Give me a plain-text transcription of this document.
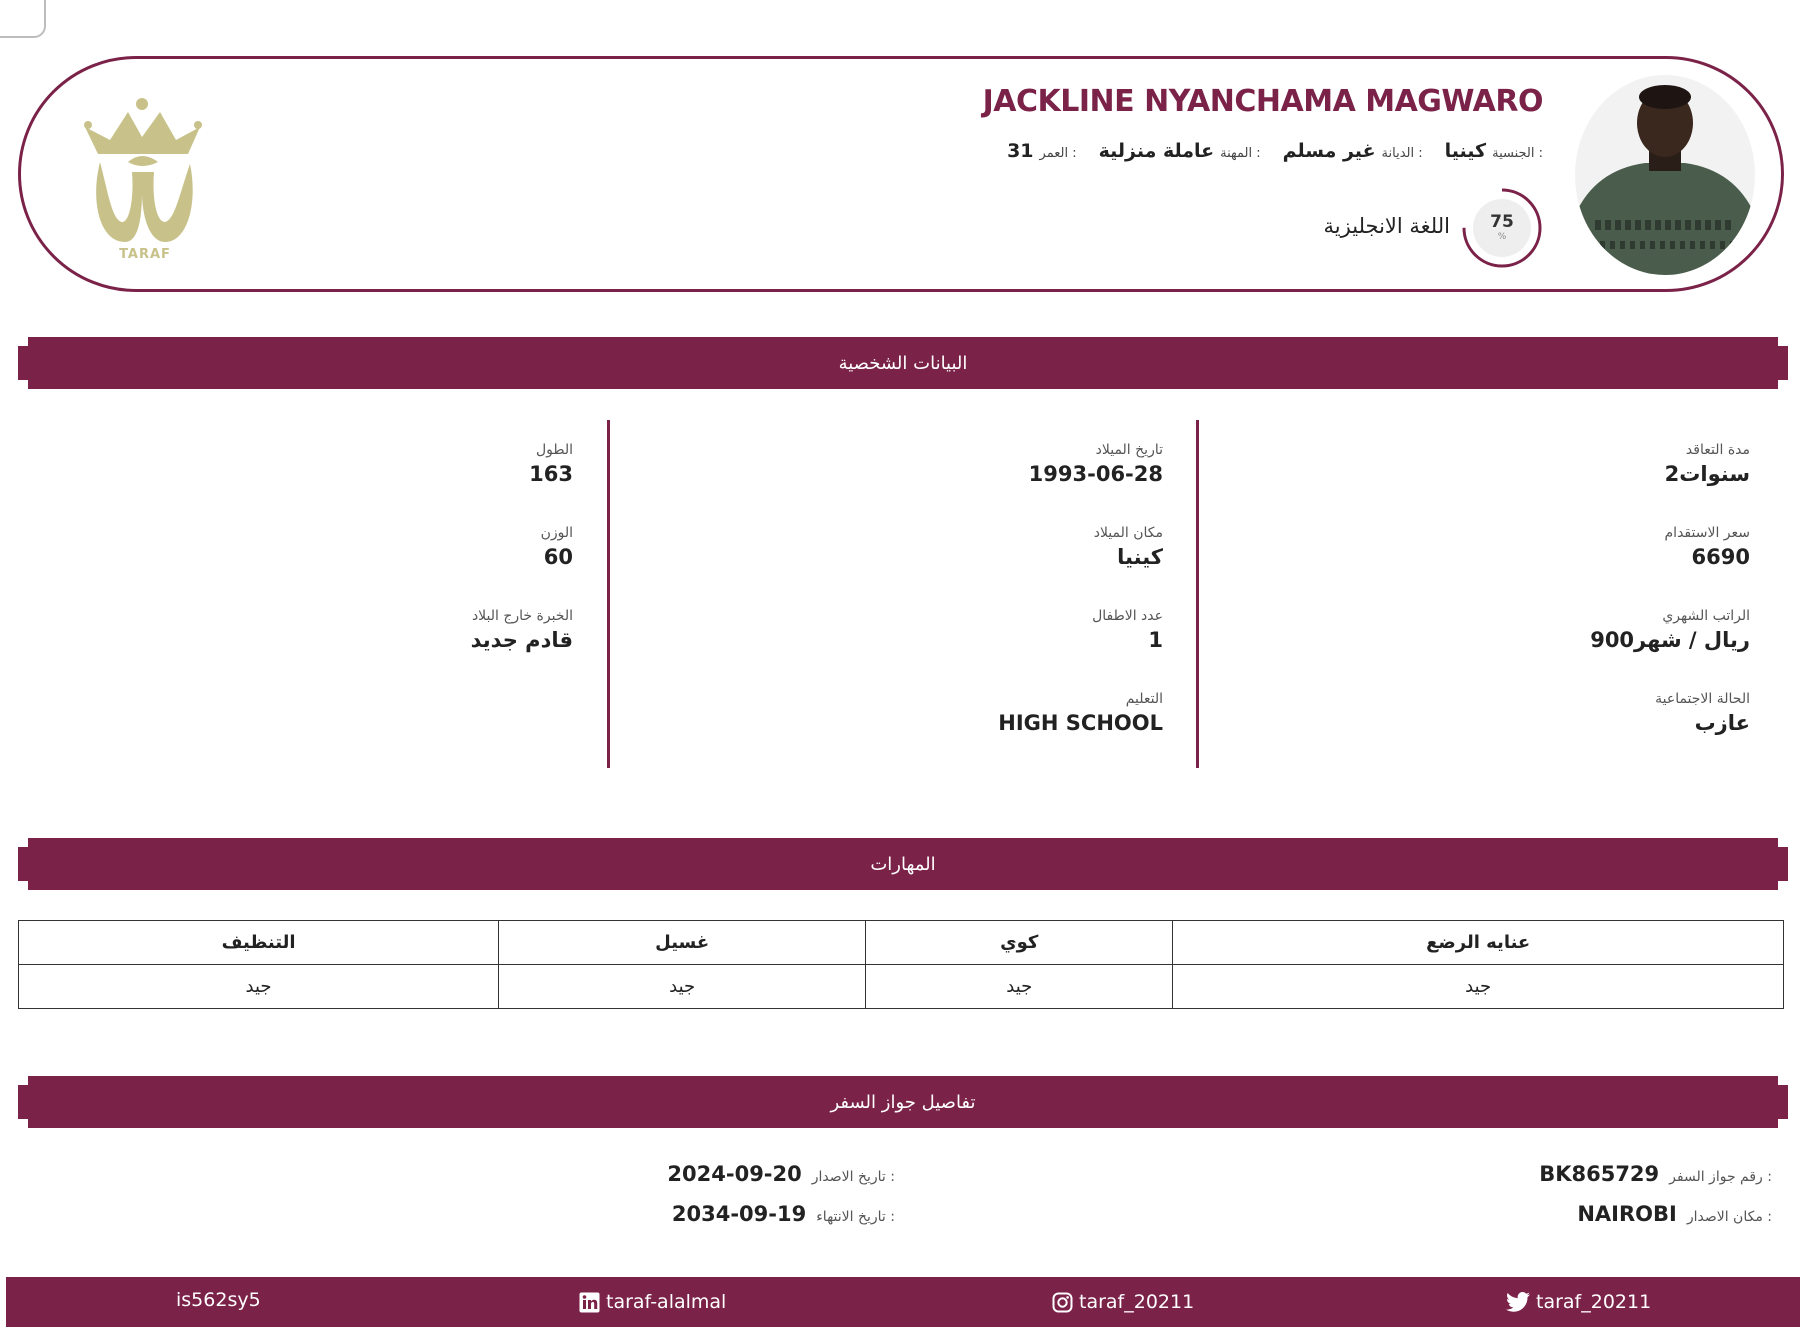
JACKLINE NYANCHAMA MAGWARO
الجنسية :
كينيا
الديانة :
غير مسلم
المهنة :
عاملة منزلية
العمر :
31
75
%
اللغة الانجليزية
TARAF
البيانات الشخصية
مدة التعاقد
2سنوات
سعر الاستقدام
6690
الراتب الشهري
900ريال / شهر
الحالة الاجتماعية
عازب
تاريخ الميلاد
1993-06-28
مكان الميلاد
كينيا
عدد الاطفال
1
التعليم
HIGH SCHOOL
الطول
163
الوزن
60
الخبرة خارج البلاد
قادم جديد
المهارات
عنايه الرضع	كوي	غسيل	التنظيف
جيد	جيد	جيد	جيد
تفاصيل جواز السفر
رقم جواز السفر :
BK865729
مكان الاصدار :
NAIROBI
تاريخ الاصدار :
2024-09-20
تاريخ الانتهاء :
2034-09-19
taraf_20211
taraf_20211
taraf-alalmal
is562sy5
